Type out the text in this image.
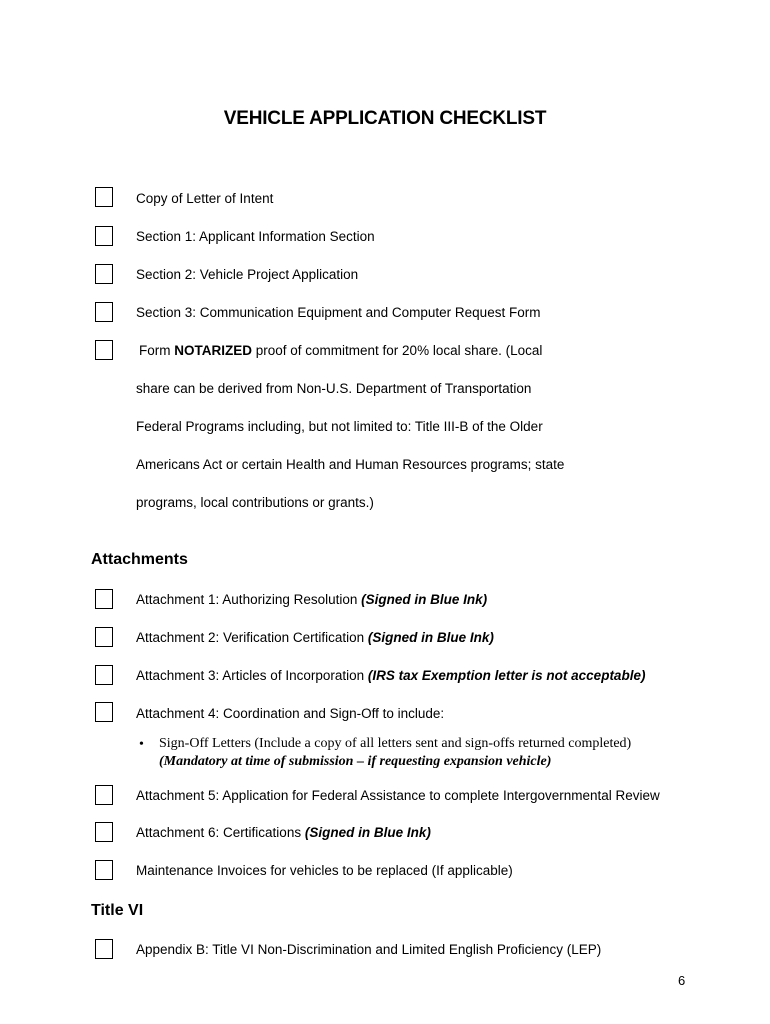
VEHICLE APPLICATION CHECKLIST
Copy of Letter of Intent
Section 1: Applicant Information Section
Section 2: Vehicle Project Application
Section 3: Communication Equipment and Computer Request Form
Form NOTARIZED proof of commitment for 20% local share. (Local
share can be derived from Non-U.S. Department of Transportation
Federal Programs including, but not limited to: Title III-B of the Older
Americans Act or certain Health and Human Resources programs; state
programs, local contributions or grants.)
Attachments
Attachment 1: Authorizing Resolution (Signed in Blue Ink)
Attachment 2: Verification Certification (Signed in Blue Ink)
Attachment 3: Articles of Incorporation (IRS tax Exemption letter is not acceptable)
Attachment 4: Coordination and Sign-Off to include:
• Sign-Off Letters (Include a copy of all letters sent and sign-offs returned completed)
(Mandatory at time of submission – if requesting expansion vehicle)
Attachment 5: Application for Federal Assistance to complete Intergovernmental Review
Attachment 6: Certifications (Signed in Blue Ink)
Maintenance Invoices for vehicles to be replaced (If applicable)
Title VI
Appendix B: Title VI Non-Discrimination and Limited English Proficiency (LEP)
6
